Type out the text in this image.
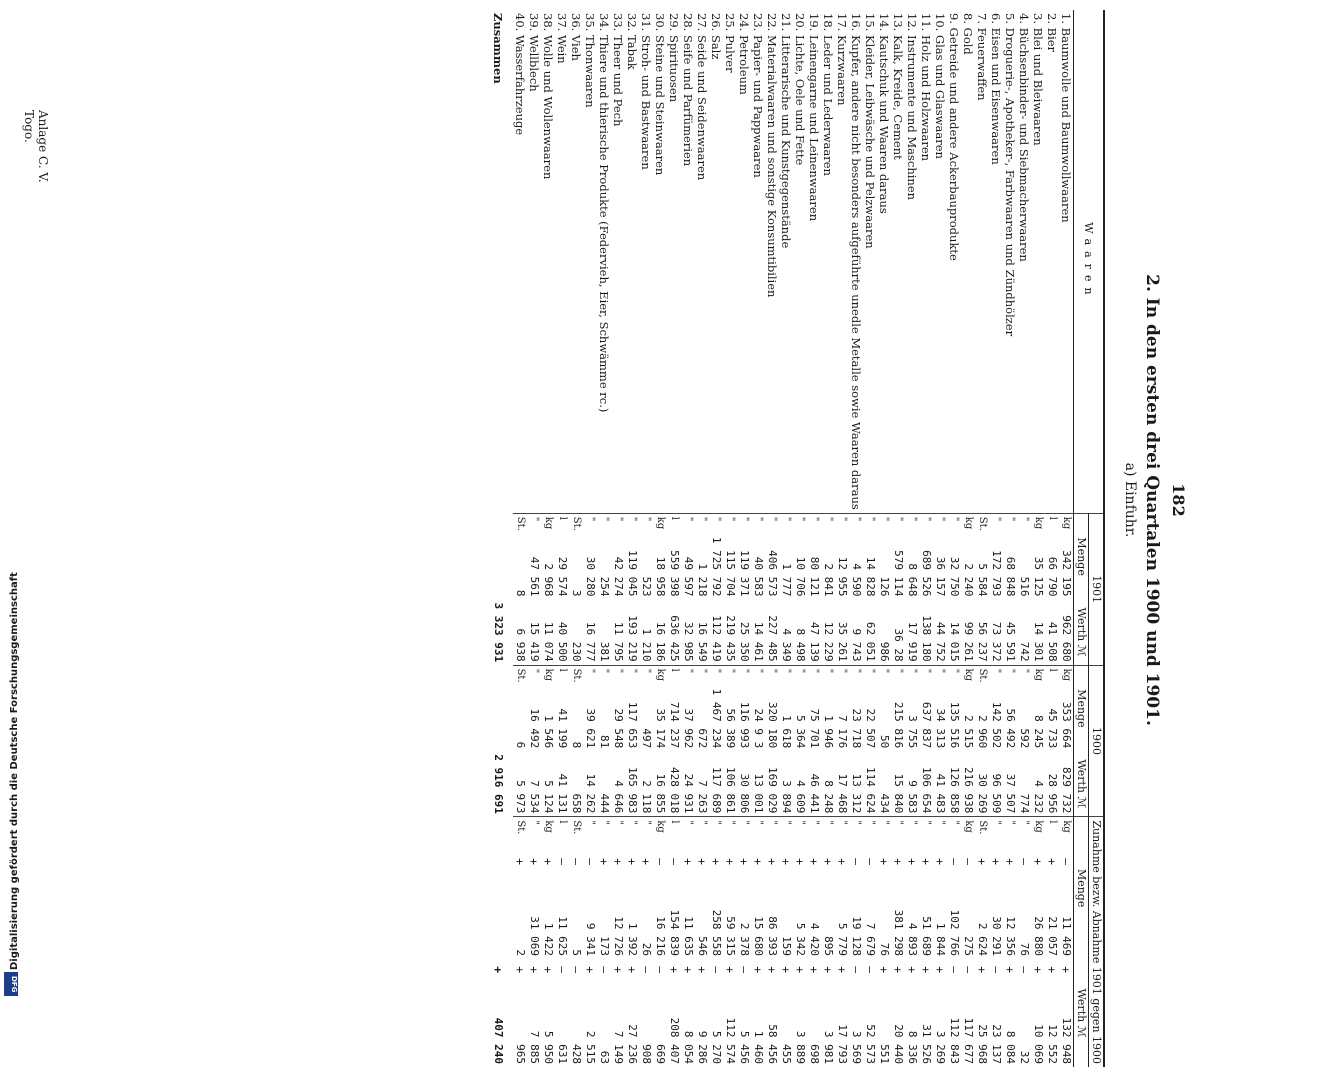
Digitalisierung gefördert durch die Deutsche Forschungsgemeinschaft
DFG
182
2. In den ersten drei Quartalen 1900 und 1901.
a) Einfuhr.
Waaren	1901			1900			Zunahme bezw. Abnahme 1901 gegen 1900				
	Menge		Werth ℳ	Menge		Werth ℳ	Menge			Werth ℳ	
1. Baumwolle und Baumwollwaaren	kg	342 195	962 680	kg	353 664	829 732	kg	—	11 469	+	132 948
2. Bier	l	66 790	41 508	l	45 733	28 956	l	+	21 057	+	12 552
3. Blei und Bleiwaaren	kg	35 125	14 301	kg	8 245	4 232	kg	+	26 880	+	10 069
4. Büchsenbinder- und Siebmacherwaaren	"	516	742	"	592	774	"	—	76	—	32
5. Droguerie-, Apotheker-, Farbwaaren und Zündhölzer	"	68 848	45 591	"	56 492	37 507	"	+	12 356	+	8 084
6. Eisen und Eisenwaaren	"	172 793	73 372	"	142 502	96 509	"	+	30 291	—	23 137
7. Feuerwaffen	St.	5 584	56 237	St.	2 960	30 269	St.	+	2 624	+	25 968
8. Gold	kg	2 240	99 261	kg	2 515	216 938	kg	—	275	—	117 677
9. Getreide und andere Ackerbauprodukte	"	32 750	14 015	"	135 516	126 858	"	—	102 766	—	112 843
10. Glas und Glaswaaren	"	36 157	44 752	"	34 313	41 483	"	+	1 844	+	3 269
11. Holz und Holzwaaren	"	689 526	138 180	"	637 837	106 654	"	+	51 689	+	31 526
12. Instrumente und Maschinen	"	8 648	17 919	"	3 755	9 583	"	+	4 893	+	8 336
13. Kalk, Kreide, Cement	"	579 114	36 28	"	215 816	15 840	"	+	381 298	+	20 440
14. Kautschuk und Waaren daraus	"	126	986	"	50	434	"	+	76	+	551
15. Kleider, Leibwäsche und Pelzwaaren	"	14 828	62 051	"	22 507	114 624	"	—	7 679	—	52 573
16. Kupfer, andere nicht besonders aufgeführte unedle Metalle sowie Waaren daraus	"	4 590	9 743	"	23 718	13 312	"	—	19 128	—	3 569
17. Kurzwaaren	"	12 955	35 261	"	7 176	17 468	"	+	5 779	+	17 793
18. Leder und Lederwaaren	"	2 841	12 229	"	1 946	8 248	"	+	895	+	3 981
19. Leinengarne und Leinenwaaren	"	80 121	47 139	"	75 701	46 441	"	+	4 420	+	698
20. Lichte, Oele und Fette	"	10 706	8 498	"	5 364	4 609	"	+	5 342	+	3 889
21. Litterarische und Kunstgegenstände	"	1 777	4 349	"	1 618	3 894	"	+	159	+	455
22. Materialwaaren und sonstige Konsumtibilien	"	406 573	227 485	"	320 180	169 029	"	+	86 393	+	58 456
23. Papier- und Pappwaaren	"	40 583	14 461	"	24 9 3	13 001	"	+	15 680	+	1 460
24. Petroleum	"	119 371	25 350	"	116 993	30 806	"	+	2 378	—	5 456
25. Pulver	"	115 704	219 435	"	56 389	106 861	"	+	59 315	+	112 574
26. Salz	"	1 725 792	112 419	"	1 467 234	117 689	"	+	258 558	—	5 270
27. Seide und Seidenwaaren	"	1 218	16 549	"	672	7 263	"	+	546	+	9 286
28. Seife und Parfümerien	"	49 597	32 985	"	37 962	24 931	"	+	11 635	+	8 054
29. Spirituosen	l	559 398	636 425	l	714 237	428 018	l	—	154 839	+	208 407
30. Steine und Steinwaaren	kg	18 958	16 186	kg	35 174	16 855	kg	—	16 216	—	669
31. Stroh- und Bastwaaren	"	523	1 210	"	497	2 118	"	+	26	—	908
32. Tabak	"	119 045	193 219	"	117 653	165 983	"	+	1 392	+	27 236
33. Theer und Pech	"	42 274	11 795	"	29 548	4 646	"	+	12 726	+	7 149
34. Thiere und thierische Produkte (Federvieh, Eier, Schwämme rc.)	"	254	381	"	81	444	"	+	173	—	63
35. Thonwaaren	"	30 280	16 777	"	39 621	14 262	"	—	9 341	+	2 515
36. Vieh	St.	3	230	St.	8	658	St.	—	5	—	428
37. Wein	l	29 574	40 500	l	41 199	41 131	l	—	11 625	—	631
38. Wolle und Wollenwaaren	kg	2 968	11 074	kg	1 546	5 124	kg	+	1 422	+	5 950
39. Wellblech	"	47 561	15 419	"	16 492	7 534	"	+	31 069	+	7 885
40. Wasserfahrzeuge	St.	8	6 938	St.	6	5 973	St.	+	2	+	965
Zusammen			3 323 931			2 916 691				+	407 240
Anlage C. V.
Togo.
